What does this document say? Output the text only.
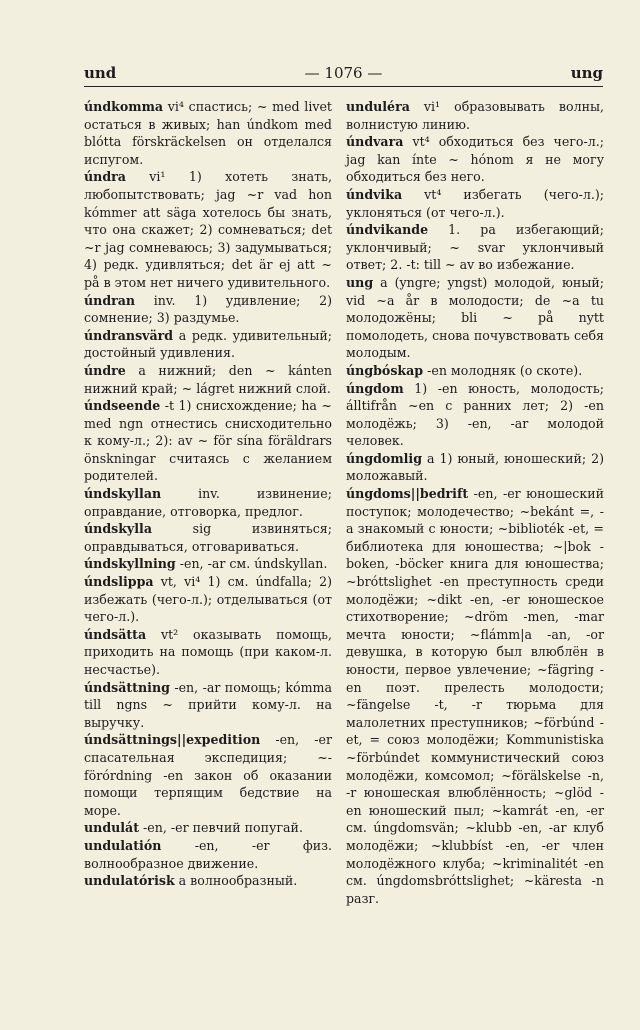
und	— 1076 —	ung

úndkomma vi⁴ спастись; ~ med livet остаться в живых; han úndkom med blótta förskräckelsen он отделался испугом.

úndra vi¹ 1) хотеть знать, любопытствовать; jag ~r vad hon kómmer att säga хотелось бы знать, что она скажет; 2) сомневаться; det ~r jag сомневаюсь; 3) задумываться; 4) редк. удивляться; det är ej att ~ på в этом нет ничего удивительного.

úndran inv. 1) удивление; 2) сомнение; 3) раздумье.

úndransvärd a редк. удивительный; достойный удивления.

úndre a нижний; den ~ kánten нижний край; ~ lágret нижний слой.

úndseende -t 1) снисхождение; ha ~ med ngn отнестись снисходительно к кому-л.; 2): av ~ för sína föräldrars önskningar считаясь с желанием родителей.

úndskyllan inv. извинение; оправдание, отговорка, предлог.

úndskylla sig извиняться; оправдываться, отговариваться.

úndskyllning -en, -ar см. úndskyllan.

úndslippa vt, vi⁴ 1) см. úndfalla; 2) избежать (чего-л.); отделываться (от чего-л.).

úndsätta vt² оказывать помощь, приходить на помощь (при каком-л. несчастье).

úndsättning -en, -ar помощь; kómma till ngns ~ прийти кому-л. на выручку.

úndsättnings||expedition -en, -er спасательная экспедиция; ~-förórdning -en закон об оказании помощи терпящим бедствие на море.

undulát -en, -er певчий попугай.

undulatión -en, -er физ. волнообразное движение.

undulatórisk a волнообразный.

unduléra vi¹ образовывать волны, волнистую линию.

úndvara vt⁴ обходиться без чего-л.; jag kan ínte ~ hónom я не могу обходиться без него.

úndvika vt⁴ избегать (чего-л.); уклоняться (от чего-л.).

úndvikande 1. pa избегающий; уклончивый; ~ svar уклончивый ответ; 2. -t: till ~ av во избежание.

ung a (yngre; yngst) молодой, юный; vid ~a år в молодости; de ~a tu молодожёны; bli ~ på nytt помолодеть, снова почувствовать себя молодым.

úngbóskap -en молодняк (о скоте).

úngdom 1) -en юность, молодость; álltifrån ~en с ранних лет; 2) -en молодёжь; 3) -en, -ar молодой человек.

úngdomlig a 1) юный, юношеский; 2) моложавый.

úngdoms||bedrift -en, -er юношеский поступок; молодечество; ~bekánt =, -a знакомый с юности; ~biblioték -et, = библиотека для юношества; ~|bok -boken, -böcker книга для юношества; ~bróttslighet -en преступность среди молодёжи; ~dikt -en, -er юношеское стихотворение; ~dröm -men, -mar мечта юности; ~flámm|a -an, -or девушка, в которую был влюблён в юности, первое увлечение; ~fägring -en поэт. прелесть молодости; ~fängelse -t, -r тюрьма для малолетних преступников; ~förbúnd -et, = союз молодёжи; Kommunistiska ~förbúndet коммунистический союз молодёжи, комсомол; ~förälskelse -n, -r юношеская влюблённость; ~glöd -en юношеский пыл; ~kamrát -en, -er см. úngdomsvän; ~klubb -en, -ar клуб молодёжи; ~klubbíst -en, -er член молодёжного клуба; ~kriminalitét -en см. úngdomsbróttslighet; ~käresta -n разг.
